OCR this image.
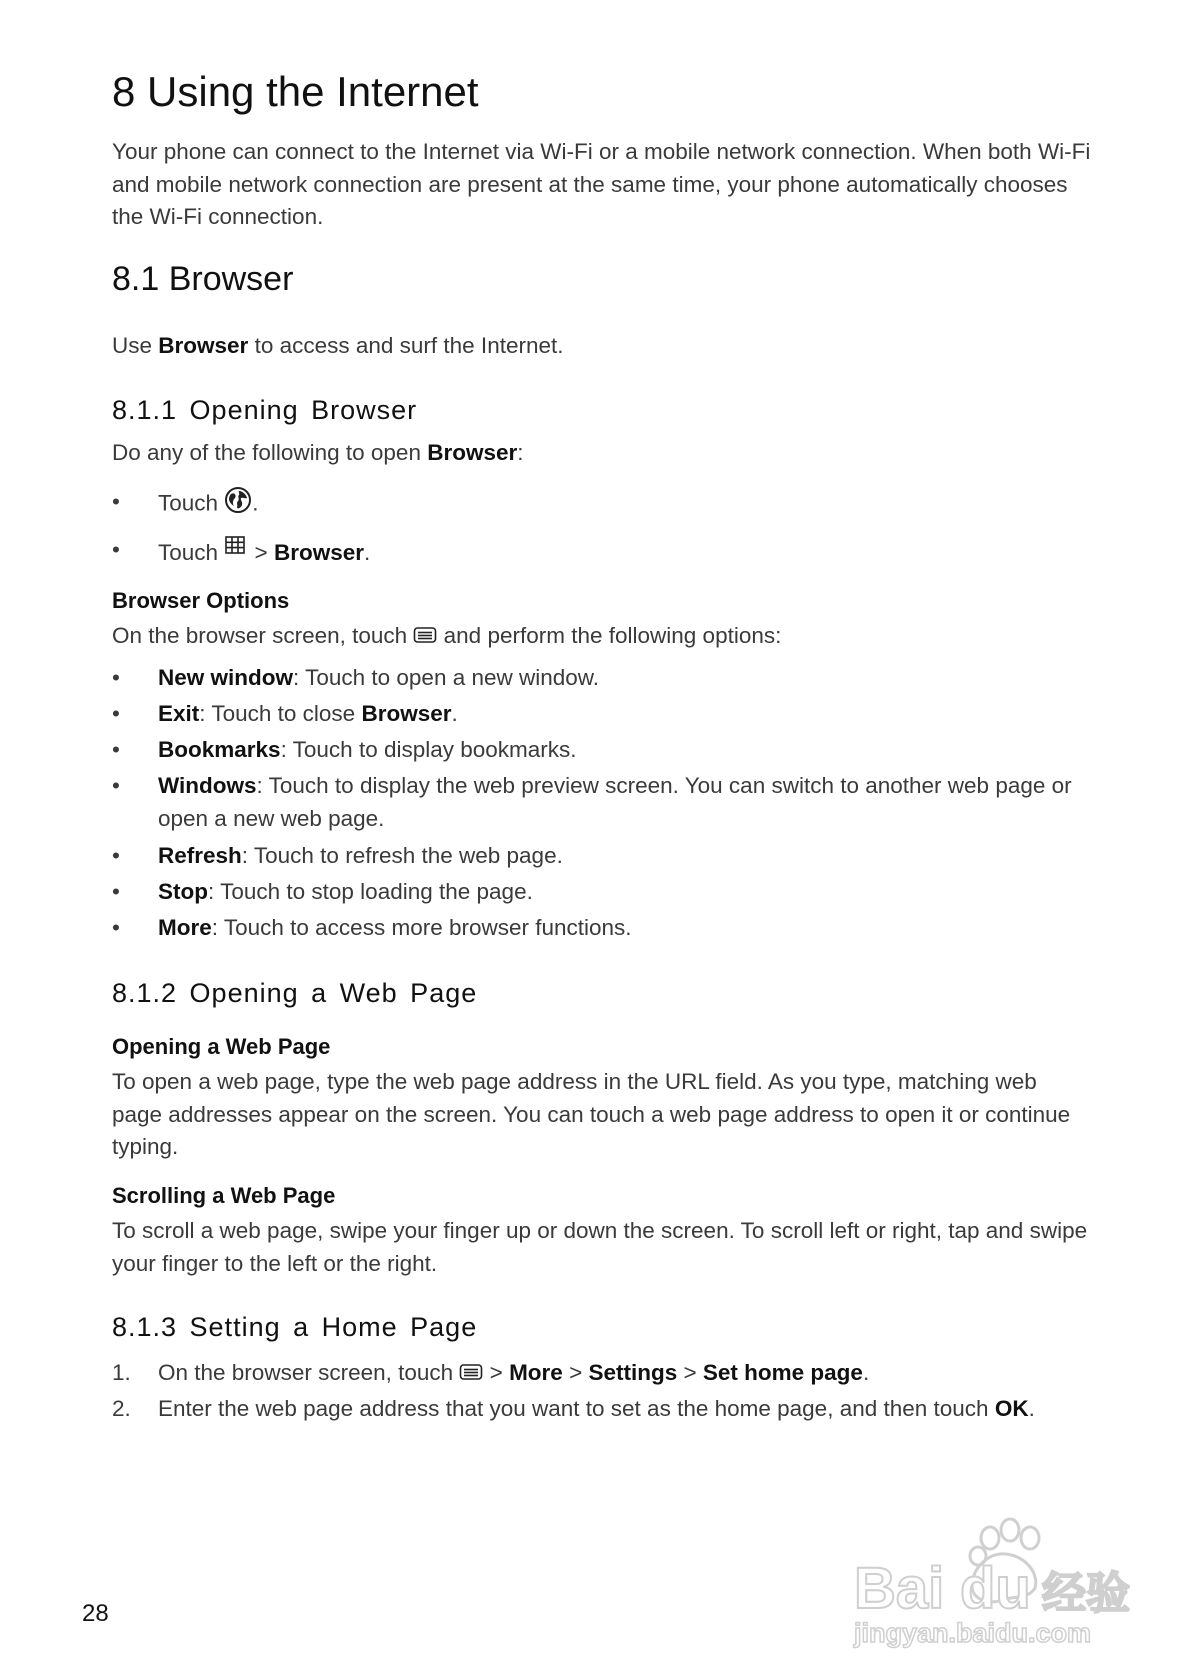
8 Using the Internet
Your phone can connect to the Internet via Wi-Fi or a mobile network connection. When both Wi-Fi and mobile network connection are present at the same time, your phone automatically chooses the Wi-Fi connection.
8.1 Browser
Use Browser to access and surf the Internet.
8.1.1 Opening Browser
Do any of the following to open Browser:
•	Touch .
•	Touch  > Browser.
Browser Options
On the browser screen, touch  and perform the following options:
•	New window: Touch to open a new window.
•	Exit: Touch to close Browser.
•	Bookmarks: Touch to display bookmarks.
•	Windows: Touch to display the web preview screen. You can switch to another web page or open a new web page.
•	Refresh: Touch to refresh the web page.
•	Stop: Touch to stop loading the page.
•	More: Touch to access more browser functions.
8.1.2 Opening a Web Page
Opening a Web Page
To open a web page, type the web page address in the URL field. As you type, matching web page addresses appear on the screen. You can touch a web page address to open it or continue typing.
Scrolling a Web Page
To scroll a web page, swipe your finger up or down the screen. To scroll left or right, tap and swipe your finger to the left or the right.
8.1.3 Setting a Home Page
1.	On the browser screen, touch  > More > Settings > Set home page.
2.	Enter the web page address that you want to set as the home page, and then touch OK.
28	Bai du 经验
jingyan.baidu.com
